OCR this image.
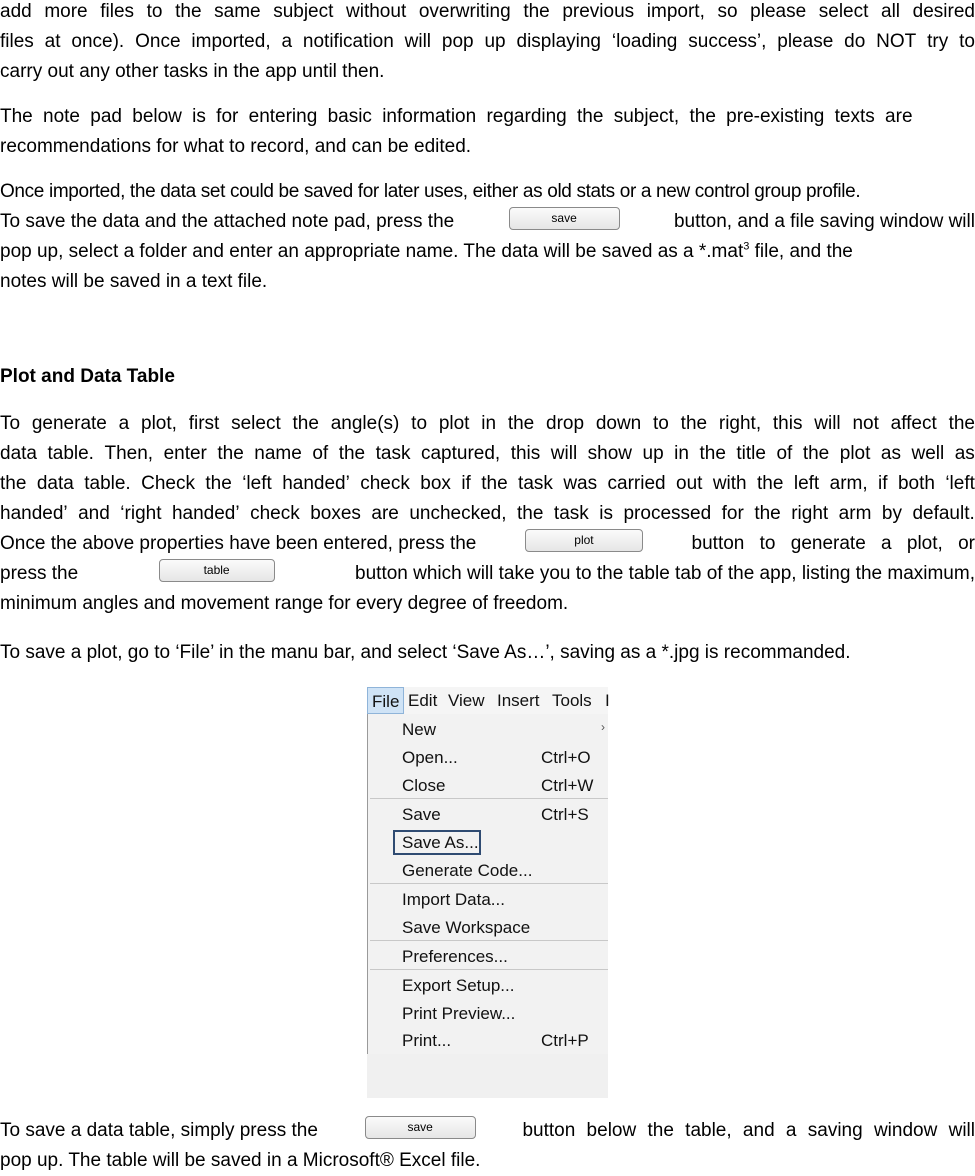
add more files to the same subject without overwriting the previous import, so please select all desired
files at once). Once imported, a notification will pop up displaying ‘loading success’, please do NOT try to
carry out any other tasks in the app until then.
The note pad below is for entering basic information regarding the subject, the pre-existing texts are
recommendations for what to record, and can be edited.
Once imported, the data set could be saved for later uses, either as old stats or a new control group profile.
To save the data and the attached note pad, press the	save	button, and a file saving window will
pop up, select a folder and enter an appropriate name. The data will be saved as a *.mat$^3$ file, and the
notes will be saved in a text file.
Plot and Data Table
To generate a plot, first select the angle(s) to plot in the drop down to the right, this will not affect the
data table. Then, enter the name of the task captured, this will show up in the title of the plot as well as
the data table. Check the ‘left handed’ check box if the task was carried out with the left arm, if both ‘left
handed’ and ‘right handed’ check boxes are unchecked, the task is processed for the right arm by default.
Once the above properties have been entered, press the	plot	button to generate a plot, or
press the	table	button which will take you to the table tab of the app, listing the maximum,
minimum angles and movement range for every degree of freedom.
To save a plot, go to ‘File’ in the manu bar, and select ‘Save As…’, saving as a *.jpg is recommanded.
File Edit View Insert Tools I
New	›
Open...	Ctrl+O
Close	Ctrl+W
Save	Ctrl+S
Save As...
Generate Code...
Import Data...
Save Workspace
Preferences...
Export Setup...
Print Preview...
Print...	Ctrl+P
To save a data table, simply press the	save	button below the table, and a saving window will
pop up. The table will be saved in a Microsoft® Excel file.
